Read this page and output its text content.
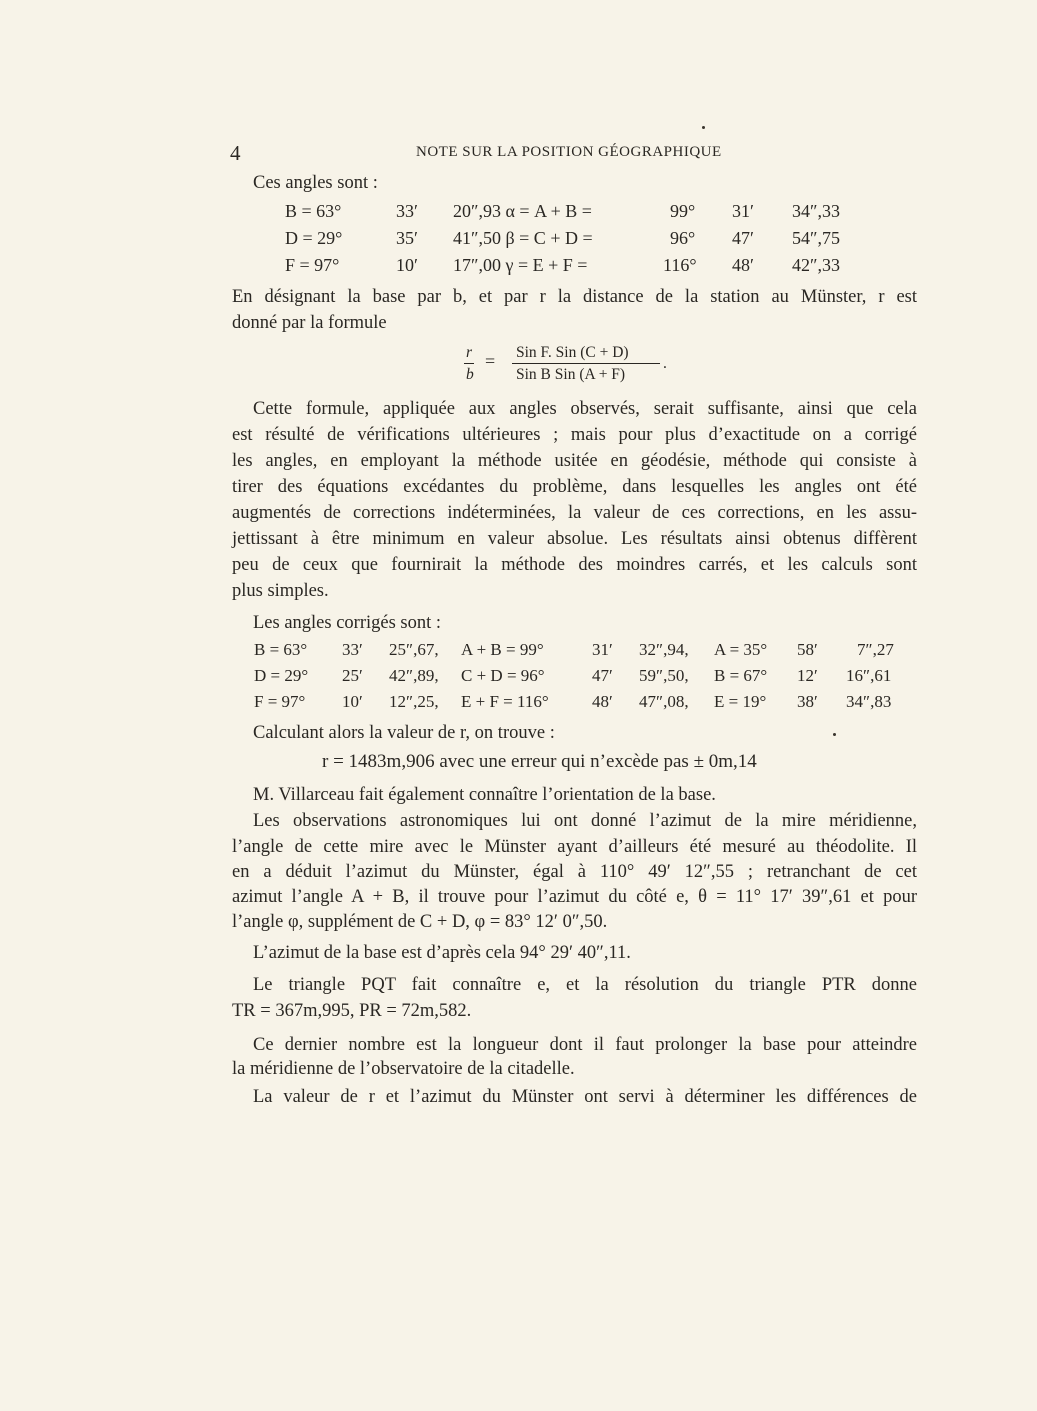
4	NOTE SUR LA POSITION GÉOGRAPHIQUE
Ces angles sont :
B = 63°	33′ 20″,93 α = A + B =	99° 31′ 34″,33
D = 29°	35′ 41″,50 β = C + D =	96° 47′ 54″,75
F = 97°	10′ 17″,00 γ = E + F =	116° 48′ 42″,33
En désignant la base par b, et par r la distance de la station au Münster, r est
donné par la formule
r
b
= Sin F. Sin (C + D)
Sin B Sin (A + F)
.
Cette formule, appliquée aux angles observés, serait suffisante, ainsi que cela
est résulté de vérifications ultérieures ; mais pour plus d’exactitude on a corrigé
les angles, en employant la méthode usitée en géodésie, méthode qui consiste à
tirer des équations excédantes du problème, dans lesquelles les angles ont été
augmentés de corrections indéterminées, la valeur de ces corrections, en les assu-
jettissant à être minimum en valeur absolue. Les résultats ainsi obtenus diffèrent
peu de ceux que fournirait la méthode des moindres carrés, et les calculs sont
plus simples.
Les angles corrigés sont :
B = 63° 33′ 25″,67, A + B = 99°	31′ 32″,94, A = 35° 58′ 7″,27
D = 29° 25′ 42″,89, C + D = 96°	47′ 59″,50, B = 67° 12′ 16″,61
F = 97° 10′ 12″,25, E + F = 116°	48′ 47″,08, E = 19° 38′ 34″,83
Calculant alors la valeur de r, on trouve :
r = 1483m,906 avec une erreur qui n’excède pas ± 0m,14
M. Villarceau fait également connaître l’orientation de la base.
Les observations astronomiques lui ont donné l’azimut de la mire méridienne,
l’angle de cette mire avec le Münster ayant d’ailleurs été mesuré au théodolite. Il
en a déduit l’azimut du Münster, égal à 110° 49′ 12″,55 ; retranchant de cet
azimut l’angle A + B, il trouve pour l’azimut du côté e, θ = 11° 17′ 39″,61 et pour
l’angle φ, supplément de C + D, φ = 83° 12′ 0″,50.
L’azimut de la base est d’après cela 94° 29′ 40″,11.
Le triangle PQT fait connaître e, et la résolution du triangle PTR donne
TR = 367m,995, PR = 72m,582.
Ce dernier nombre est la longueur dont il faut prolonger la base pour atteindre
la méridienne de l’observatoire de la citadelle.
La valeur de r et l’azimut du Münster ont servi à déterminer les différences de
